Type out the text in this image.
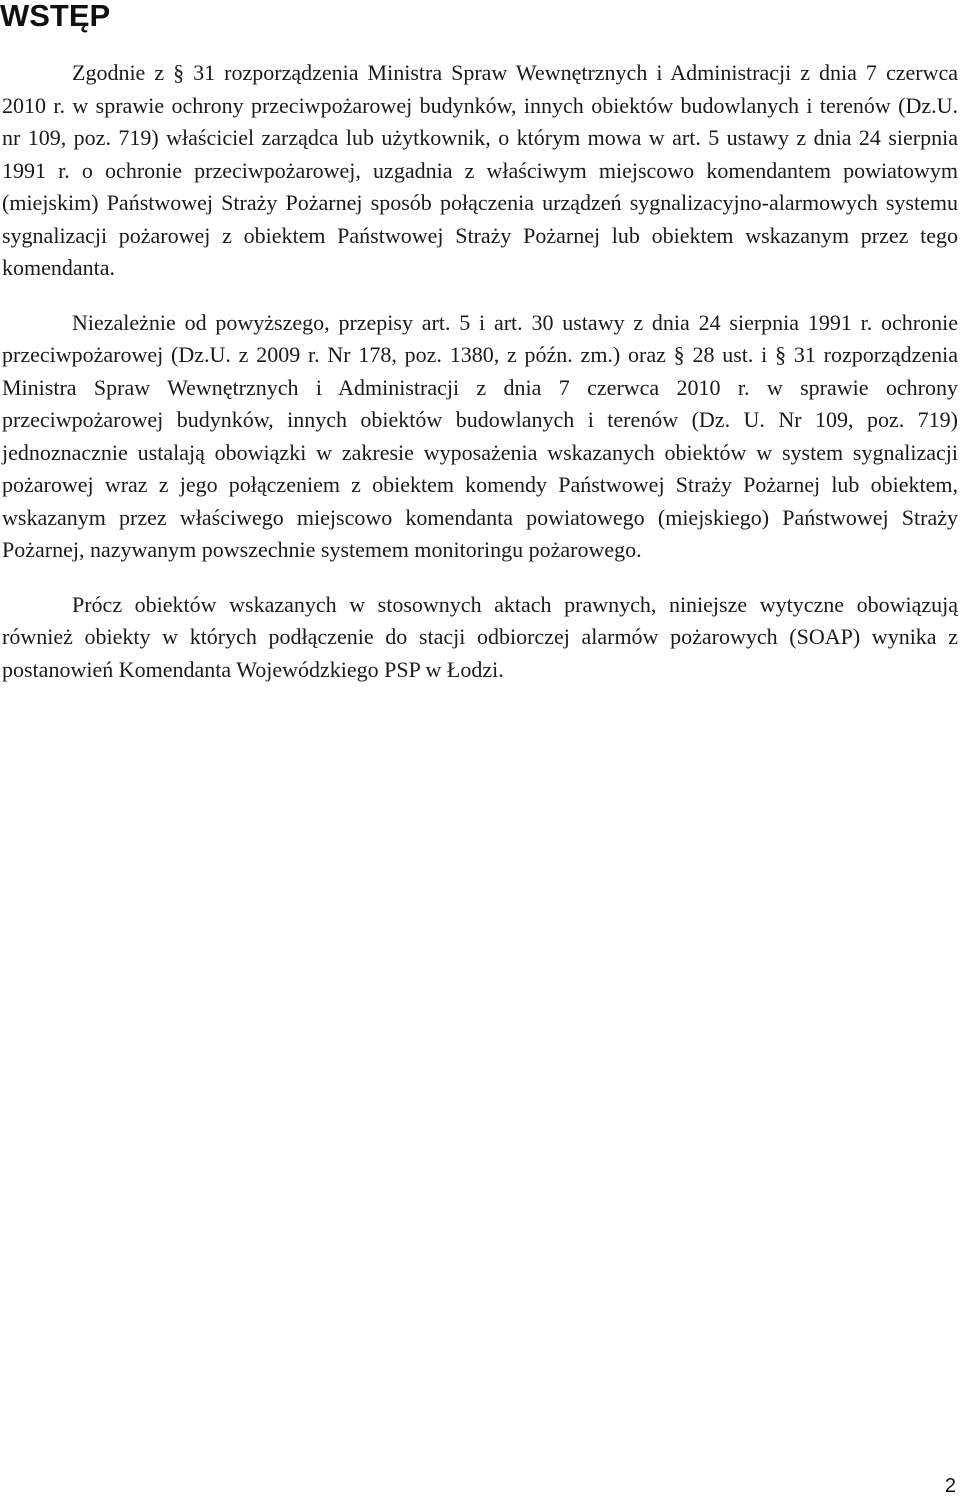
WSTĘP

Zgodnie z § 31 rozporządzenia Ministra Spraw Wewnętrznych i Administracji z dnia 7 czerwca 2010 r. w sprawie ochrony przeciwpożarowej budynków, innych obiektów budowlanych i terenów (Dz.U. nr 109, poz. 719) właściciel zarządca lub użytkownik, o którym mowa w art. 5 ustawy z dnia 24 sierpnia 1991 r. o ochronie przeciwpożarowej, uzgadnia z właściwym miejscowo komendantem powiatowym (miejskim) Państwowej Straży Pożarnej sposób połączenia urządzeń sygnalizacyjno-alarmowych systemu sygnalizacji pożarowej z obiektem Państwowej Straży Pożarnej lub obiektem wskazanym przez tego komendanta.

Niezależnie od powyższego, przepisy art. 5 i art. 30 ustawy z dnia 24 sierpnia 1991 r. ochronie przeciwpożarowej (Dz.U. z 2009 r. Nr 178, poz. 1380, z późn. zm.) oraz § 28 ust. i § 31 rozporządzenia Ministra Spraw Wewnętrznych i Administracji z dnia 7 czerwca 2010 r. w sprawie ochrony przeciwpożarowej budynków, innych obiektów budowlanych i terenów (Dz. U. Nr 109, poz. 719) jednoznacznie ustalają obowiązki w zakresie wyposażenia wskazanych obiektów w system sygnalizacji pożarowej wraz z jego połączeniem z obiektem komendy Państwowej Straży Pożarnej lub obiektem, wskazanym przez właściwego miejscowo komendanta powiatowego (miejskiego) Państwowej Straży Pożarnej, nazywanym powszechnie systemem monitoringu pożarowego.

Prócz obiektów wskazanych w stosownych aktach prawnych, niniejsze wytyczne obowiązują również obiekty w których podłączenie do stacji odbiorczej alarmów pożarowych (SOAP) wynika z postanowień Komendanta Wojewódzkiego PSP w Łodzi.

2
